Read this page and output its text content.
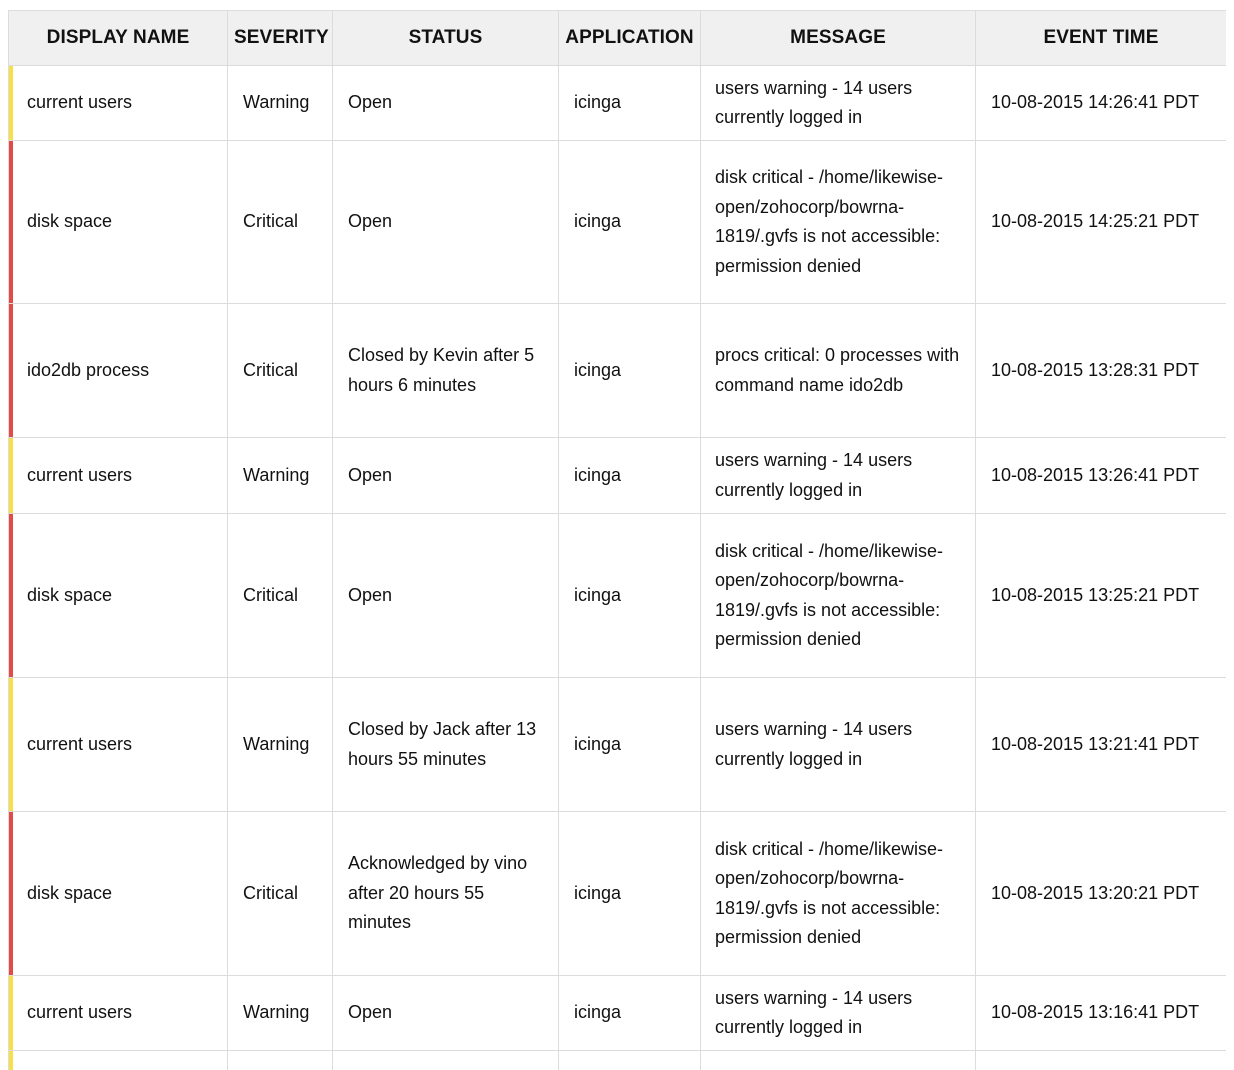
DISPLAY NAME	SEVERITY	STATUS	APPLICATION	MESSAGE	EVENT TIME
current users	Warning	Open	icinga	users warning - 14 users currently logged in	10-08-2015 14:26:41 PDT
disk space	Critical	Open	icinga	disk critical - /home/likewise-open/zohocorp/bowrna-1819/.gvfs is not accessible: permission denied	10-08-2015 14:25:21 PDT
ido2db process	Critical	Closed by Kevin after 5 hours 6 minutes	icinga	procs critical: 0 processes with command name ido2db	10-08-2015 13:28:31 PDT
current users	Warning	Open	icinga	users warning - 14 users currently logged in	10-08-2015 13:26:41 PDT
disk space	Critical	Open	icinga	disk critical - /home/likewise-open/zohocorp/bowrna-1819/.gvfs is not accessible: permission denied	10-08-2015 13:25:21 PDT
current users	Warning	Closed by Jack after 13 hours 55 minutes	icinga	users warning - 14 users currently logged in	10-08-2015 13:21:41 PDT
disk space	Critical	Acknowledged by vino after 20 hours 55 minutes	icinga	disk critical - /home/likewise-open/zohocorp/bowrna-1819/.gvfs is not accessible: permission denied	10-08-2015 13:20:21 PDT
current users	Warning	Open	icinga	users warning - 14 users currently logged in	10-08-2015 13:16:41 PDT
